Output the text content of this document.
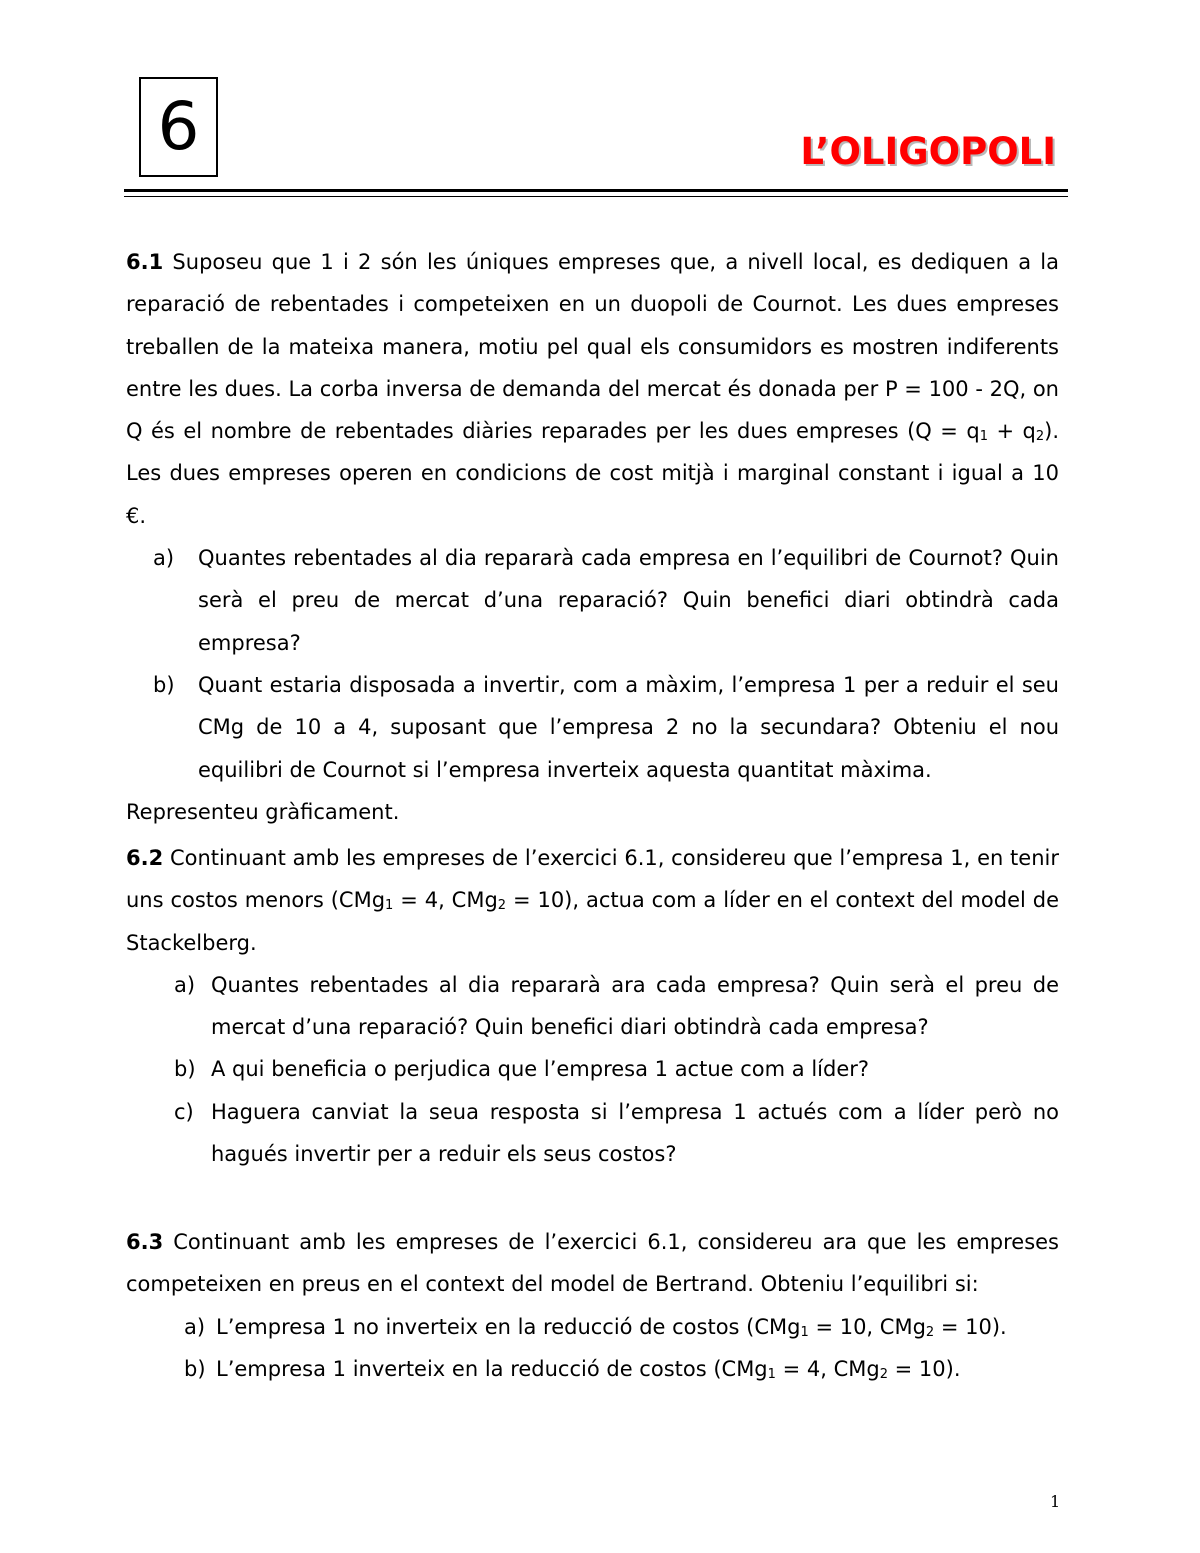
6	L’OLIGOPOLI
6.1 Suposeu que 1 i 2 són les úniques empreses que, a nivell local, es dediquen a la reparació de rebentades i competeixen en un duopoli de Cournot. Les dues empreses treballen de la mateixa manera, motiu pel qual els consumidors es mostren indiferents entre les dues. La corba inversa de demanda del mercat és donada per P = 100 - 2Q, on Q és el nombre de rebentades diàries reparades per les dues empreses $(Q = q_1 + q_2)$. Les dues empreses operen en condicions de cost mitjà i marginal constant i igual a 10 €.
a) Quantes rebentades al dia repararà cada empresa en l’equilibri de Cournot? Quin serà el preu de mercat d’una reparació? Quin benefici diari obtindrà cada empresa?
b) Quant estaria disposada a invertir, com a màxim, l’empresa 1 per a reduir el seu CMg de 10 a 4, suposant que l’empresa 2 no la secundara? Obteniu el nou equilibri de Cournot si l’empresa inverteix aquesta quantitat màxima.
Representeu gràficament.
6.2 Continuant amb les empreses de l’exercici 6.1, considereu que l’empresa 1, en tenir uns costos menors (CMg$_1$ = 4, CMg$_2$ = 10), actua com a líder en el context del model de Stackelberg.
a) Quantes rebentades al dia repararà ara cada empresa? Quin serà el preu de mercat d’una reparació? Quin benefici diari obtindrà cada empresa?
b) A qui beneficia o perjudica que l’empresa 1 actue com a líder?
c) Haguera canviat la seua resposta si l’empresa 1 actués com a líder però no hagués invertir per a reduir els seus costos?
6.3 Continuant amb les empreses de l’exercici 6.1, considereu ara que les empreses competeixen en preus en el context del model de Bertrand. Obteniu l’equilibri si:
a) L’empresa 1 no inverteix en la reducció de costos (CMg$_1$ = 10, CMg$_2$ = 10).
b) L’empresa 1 inverteix en la reducció de costos (CMg$_1$ = 4, CMg$_2$ = 10).
1
